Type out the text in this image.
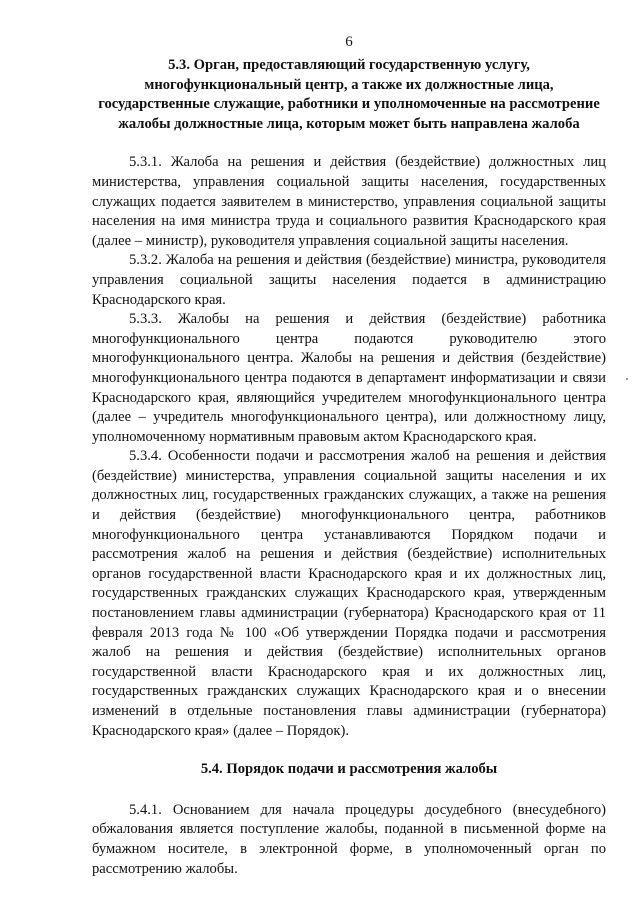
6
5.3. Орган, предоставляющий государственную услугу, многофункциональный центр, а также их должностные лица, государственные служащие, работники и уполномоченные на рассмотрение жалобы должностные лица, которым может быть направлена жалоба

5.3.1. Жалоба на решения и действия (бездействие) должностных лиц министерства, управления социальной защиты населения, государственных служащих подается заявителем в министерство, управления социальной защиты населения на имя министра труда и социального развития Краснодарского края (далее – министр), руководителя управления социальной защиты населения.

5.3.2. Жалоба на решения и действия (бездействие) министра, руководителя управления социальной защиты населения подается в администрацию Краснодарского края.

5.3.3. Жалобы на решения и действия (бездействие) работника многофункционального центра подаются руководителю этого многофункционального центра. Жалобы на решения и действия (бездействие) многофункционального центра подаются в департамент информатизации и связи Краснодарского края, являющийся учредителем многофункционального центра (далее – учредитель многофункционального центра), или должностному лицу, уполномоченному нормативным правовым актом Краснодарского края.

5.3.4. Особенности подачи и рассмотрения жалоб на решения и действия (бездействие) министерства, управления социальной защиты населения и их должностных лиц, государственных гражданских служащих, а также на решения и действия (бездействие) многофункционального центра, работников многофункционального центра устанавливаются Порядком подачи и рассмотрения жалоб на решения и действия (бездействие) исполнительных органов государственной власти Краснодарского края и их должностных лиц, государственных гражданских служащих Краснодарского края, утвержденным постановлением главы администрации (губернатора) Краснодарского края от 11 февраля 2013 года № 100 «Об утверждении Порядка подачи и рассмотрения жалоб на решения и действия (бездействие) исполнительных органов государственной власти Краснодарского края и их должностных лиц, государственных гражданских служащих Краснодарского края и о внесении изменений в отдельные постановления главы администрации (губернатора) Краснодарского края» (далее – Порядок).

5.4. Порядок подачи и рассмотрения жалобы

5.4.1. Основанием для начала процедуры досудебного (внесудебного) обжалования является поступление жалобы, поданной в письменной форме на бумажном носителе, в электронной форме, в уполномоченный орган по рассмотрению жалобы.
